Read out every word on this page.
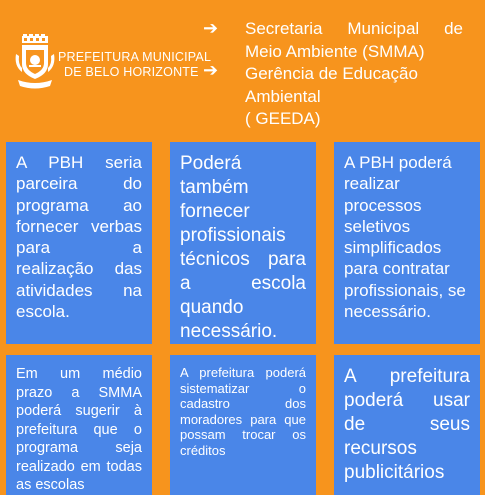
PREFEITURA MUNICIPAL
DE BELO HORIZONTE
➔
➔
Secretaria Municipal de
Meio Ambiente (SMMA)
Gerência de Educação
Ambiental
( GEEDA)

A PBH seria parceira do programa ao fornecer verbas para a realização das atividades na escola.

Poderá também fornecer profissionais técnicos para a escola quando necessário.

A PBH poderá realizar processos seletivos simplificados para contratar profissionais, se necessário.

Em um médio prazo a SMMA poderá sugerir à prefeitura que o programa seja realizado em todas as escolas

A prefeitura poderá sistematizar o cadastro dos moradores para que possam trocar os créditos

A prefeitura poderá usar de seus recursos publicitários
